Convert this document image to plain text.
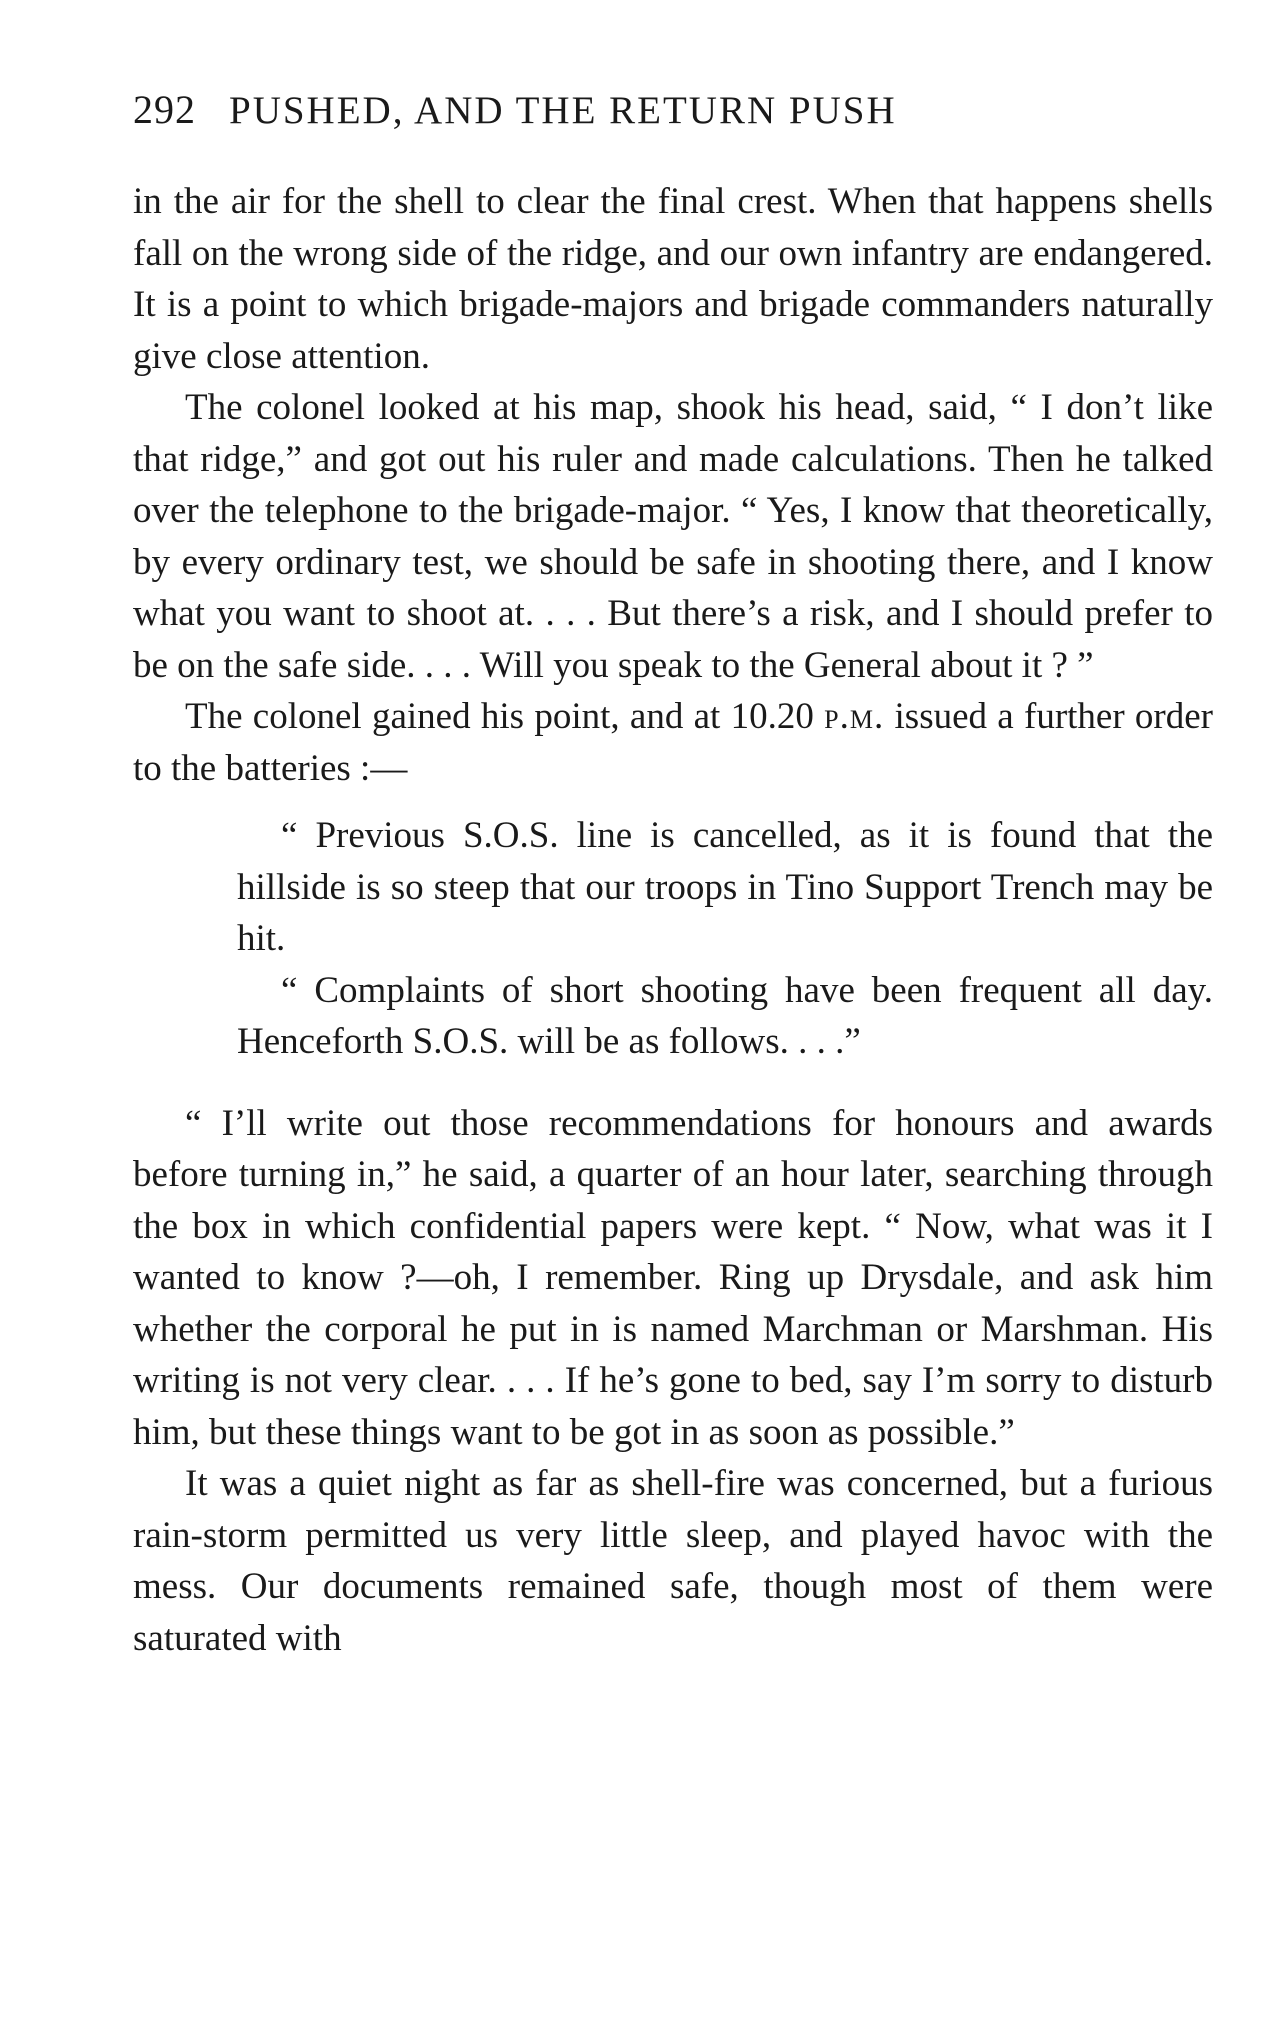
292 PUSHED, AND THE RETURN PUSH

in the air for the shell to clear the final crest. When that happens shells fall on the wrong side of the ridge, and our own infantry are endangered. It is a point to which brigade-majors and brigade commanders naturally give close attention.

The colonel looked at his map, shook his head, said, “ I don’t like that ridge,” and got out his ruler and made calculations. Then he talked over the telephone to the brigade-major. “ Yes, I know that theoretically, by every ordinary test, we should be safe in shooting there, and I know what you want to shoot at. . . . But there’s a risk, and I should prefer to be on the safe side. . . . Will you speak to the General about it ? ”

The colonel gained his point, and at 10.20 p.m. issued a further order to the batteries :—

“ Previous S.O.S. line is cancelled, as it is found that the hillside is so steep that our troops in Tino Support Trench may be hit.

“ Complaints of short shooting have been frequent all day. Henceforth S.O.S. will be as follows. . . .”

“ I’ll write out those recommendations for honours and awards before turning in,” he said, a quarter of an hour later, searching through the box in which confidential papers were kept. “ Now, what was it I wanted to know ?—oh, I remember. Ring up Drysdale, and ask him whether the corporal he put in is named Marchman or Marshman. His writing is not very clear. . . . If he’s gone to bed, say I’m sorry to disturb him, but these things want to be got in as soon as possible.”

It was a quiet night as far as shell-fire was concerned, but a furious rain-storm permitted us very little sleep, and played havoc with the mess. Our documents remained safe, though most of them were saturated with
